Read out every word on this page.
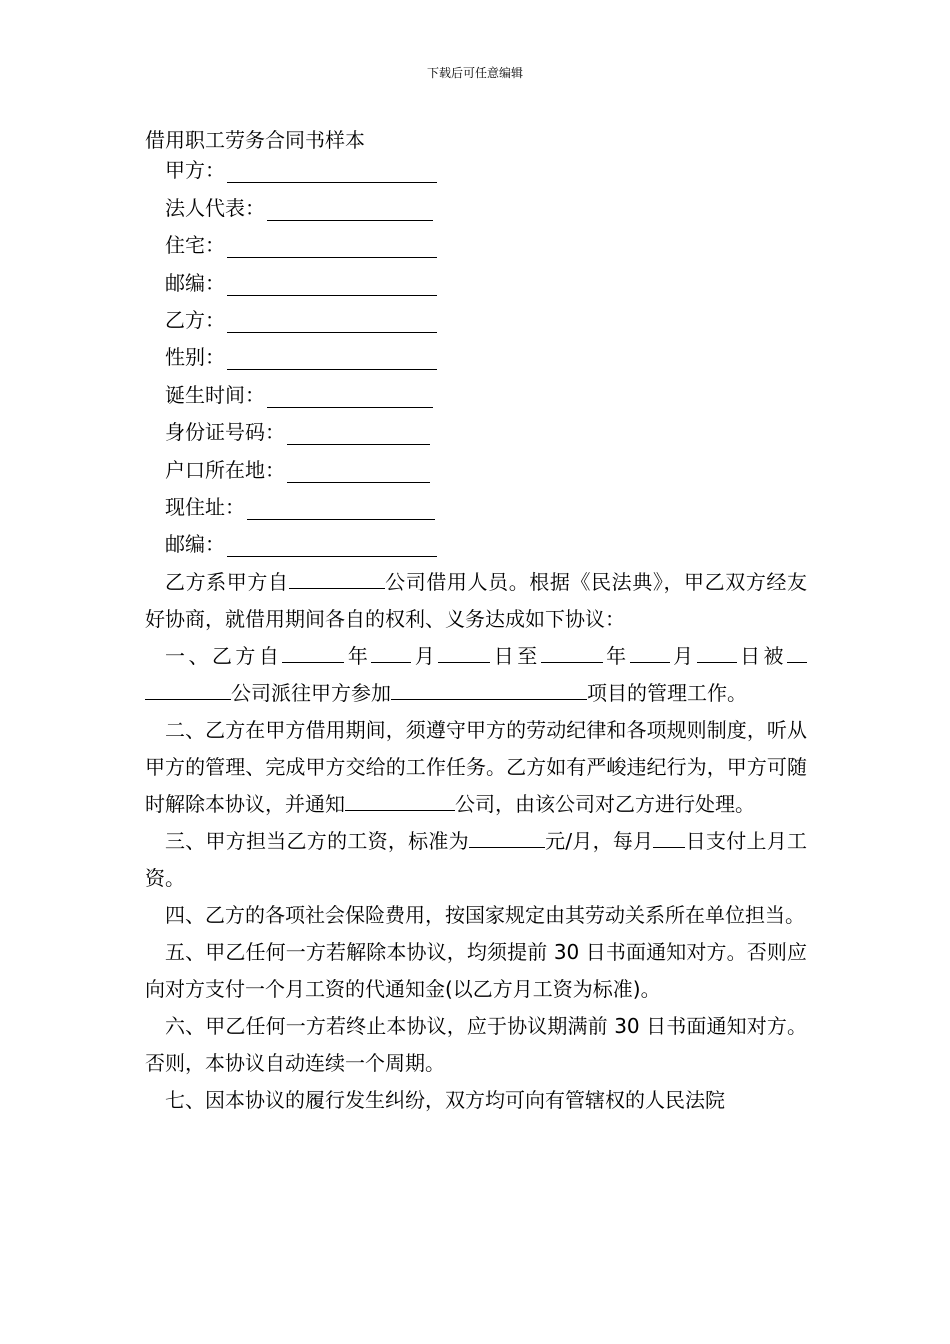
下载后可任意编辑
借用职工劳务合同书样本
甲方：
法人代表：
住宅：
邮编：
乙方：
性别：
诞生时间：
身份证号码：
户口所在地：
现住址：
邮编：

乙方系甲方自	公司借用人员。根据《民法典》，甲乙双方经友好协商，就借用期间各自的权利、义务达成如下协议：

一、乙方自	年 月	日至	年 月 日被公司派往甲方参加	项目的管理工作。

二、乙方在甲方借用期间，须遵守甲方的劳动纪律和各项规则制度，听从甲方的管理、完成甲方交给的工作任务。乙方如有严峻违纪行为，甲方可随时解除本协议，并通知	公司，由该公司对乙方进行处理。

三、甲方担当乙方的工资，标准为	元/月，每月 日支付上月工资。

四、乙方的各项社会保险费用，按国家规定由其劳动关系所在单位担当。

五、甲乙任何一方若解除本协议，均须提前 30 日书面通知对方。否则应向对方支付一个月工资的代通知金(以乙方月工资为标准)。

六、甲乙任何一方若终止本协议，应于协议期满前 30 日书面通知对方。否则，本协议自动连续一个周期。

七、因本协议的履行发生纠纷，双方均可向有管辖权的人民法院
